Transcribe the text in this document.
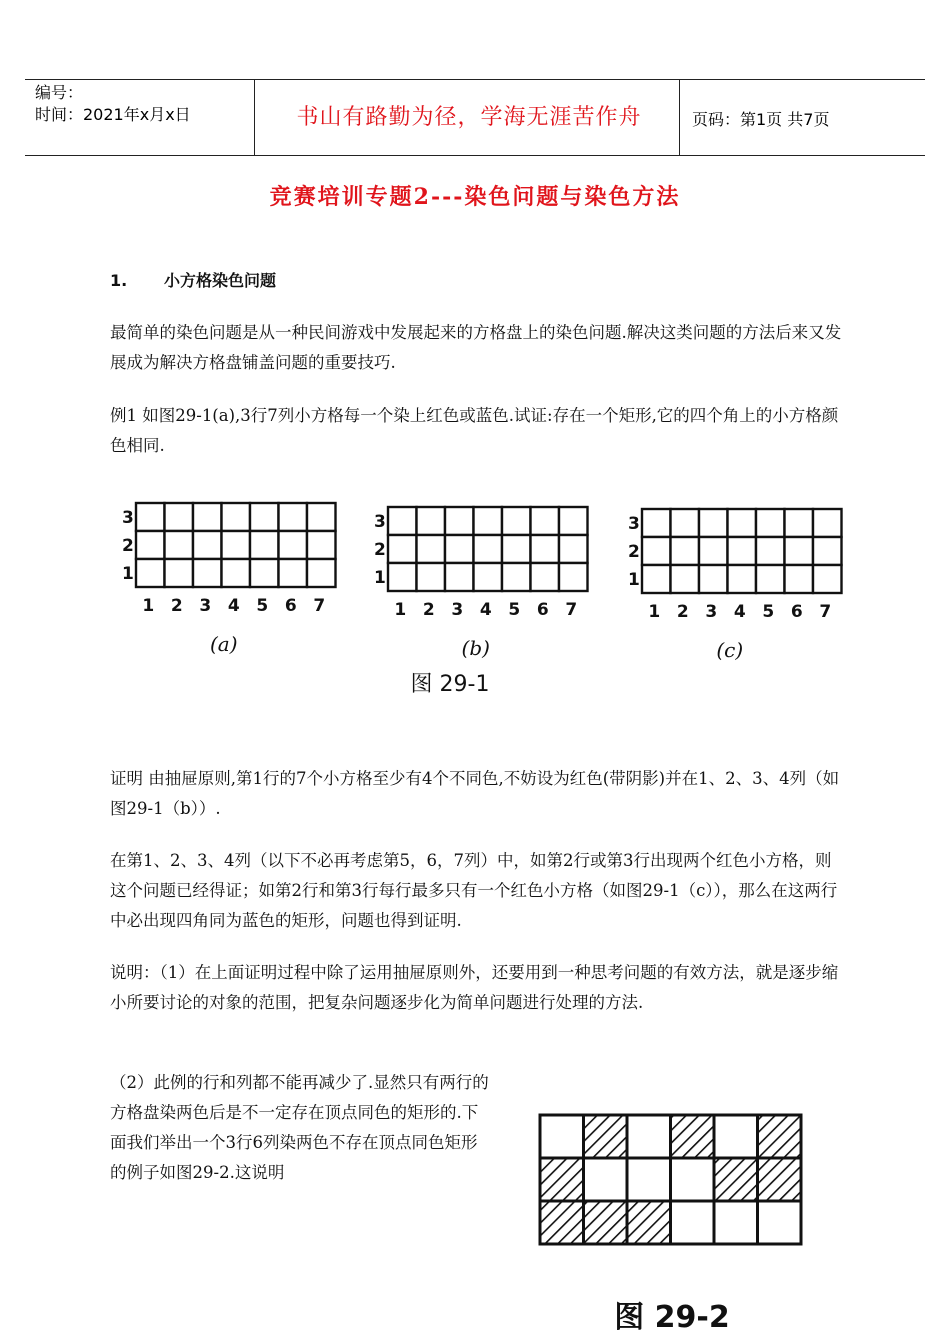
编号：
时间：2021年x月x日	书山有路勤为径，学海无涯苦作舟	页码：第1页 共7页
竞赛培训专题2---染色问题与染色方法
1. 小方格染色问题

最简单的染色问题是从一种民间游戏中发展起来的方格盘上的染色问题.解决这类问题的方法后来又发展成为解决方格盘铺盖问题的重要技巧.

例1 如图29-1(a),3行7列小方格每一个染上红色或蓝色.试证:存在一个矩形,它的四个角上的小方格颜色相同.

3
2
1
1 2 3 4 5 6 7
(a)
3
2
1
1 2 3 4 5 6 7
(b)
3
2
1
1 2 3 4 5 6 7
(c)
图 29-1

证明 由抽屉原则,第1行的7个小方格至少有4个不同色,不妨设为红色(带阴影)并在1、2、3、4列（如图29-1（b））.

在第1、2、3、4列（以下不必再考虑第5，6，7列）中，如第2行或第3行出现两个红色小方格，则这个问题已经得证；如第2行和第3行每行最多只有一个红色小方格（如图29-1（c）），那么在这两行中必出现四角同为蓝色的矩形，问题也得到证明.

说明：（1）在上面证明过程中除了运用抽屉原则外，还要用到一种思考问题的有效方法，就是逐步缩小所要讨论的对象的范围，把复杂问题逐步化为简单问题进行处理的方法.

（2）此例的行和列都不能再减少了.显然只有两行的方格盘染两色后是不一定存在顶点同色的矩形的.下面我们举出一个3行6列染两色不存在顶点同色矩形的例子如图29-2.这说明

图 29-2
